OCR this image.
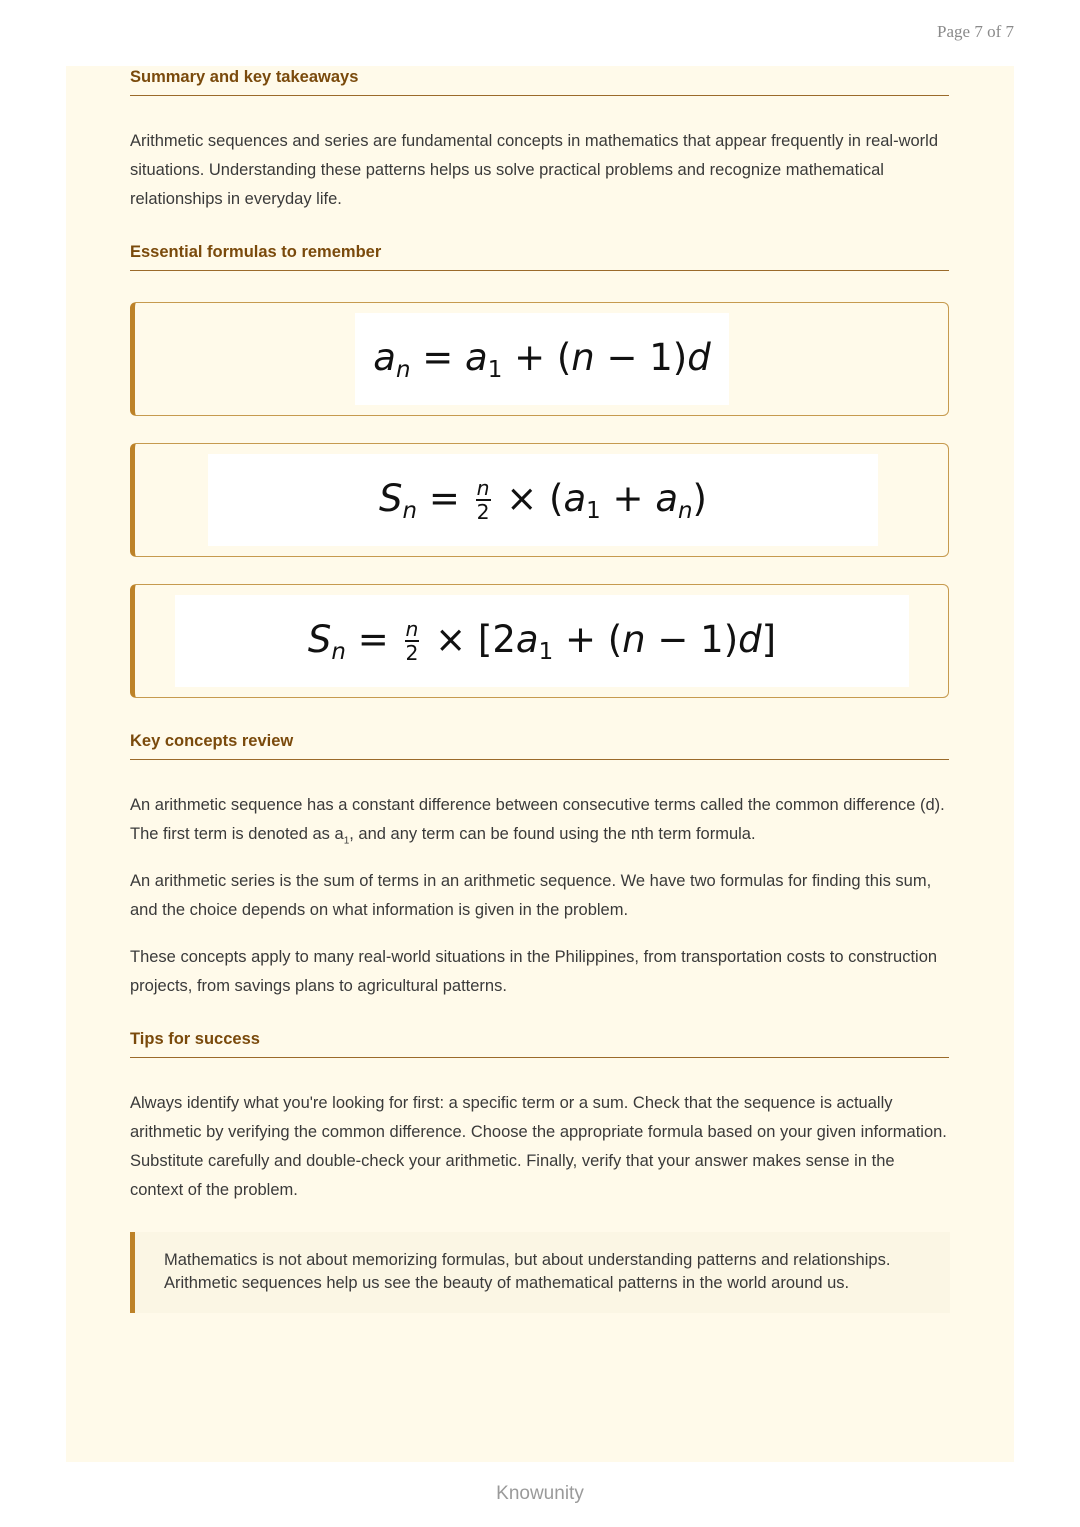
Page 7 of 7
Summary and key takeaways

Arithmetic sequences and series are fundamental concepts in mathematics that appear frequently in real-world situations. Understanding these patterns helps us solve practical problems and recognize mathematical relationships in everyday life.

Essential formulas to remember
$a_n = a_1 + (n - 1)d$
$S_n = \frac{n}{2} \times (a_1 + a_n)$
$S_n = \frac{n}{2} \times [2a_1 + (n - 1)d]$
Key concepts review

An arithmetic sequence has a constant difference between consecutive terms called the common difference (d). The first term is denoted as $a_1$, and any term can be found using the nth term formula.

An arithmetic series is the sum of terms in an arithmetic sequence. We have two formulas for finding this sum, and the choice depends on what information is given in the problem.

These concepts apply to many real-world situations in the Philippines, from transportation costs to construction projects, from savings plans to agricultural patterns.

Tips for success

Always identify what you're looking for first: a specific term or a sum. Check that the sequence is actually arithmetic by verifying the common difference. Choose the appropriate formula based on your given information. Substitute carefully and double-check your arithmetic. Finally, verify that your answer makes sense in the context of the problem.

Mathematics is not about memorizing formulas, but about understanding patterns and relationships. Arithmetic sequences help us see the beauty of mathematical patterns in the world around us.
Knowunity
